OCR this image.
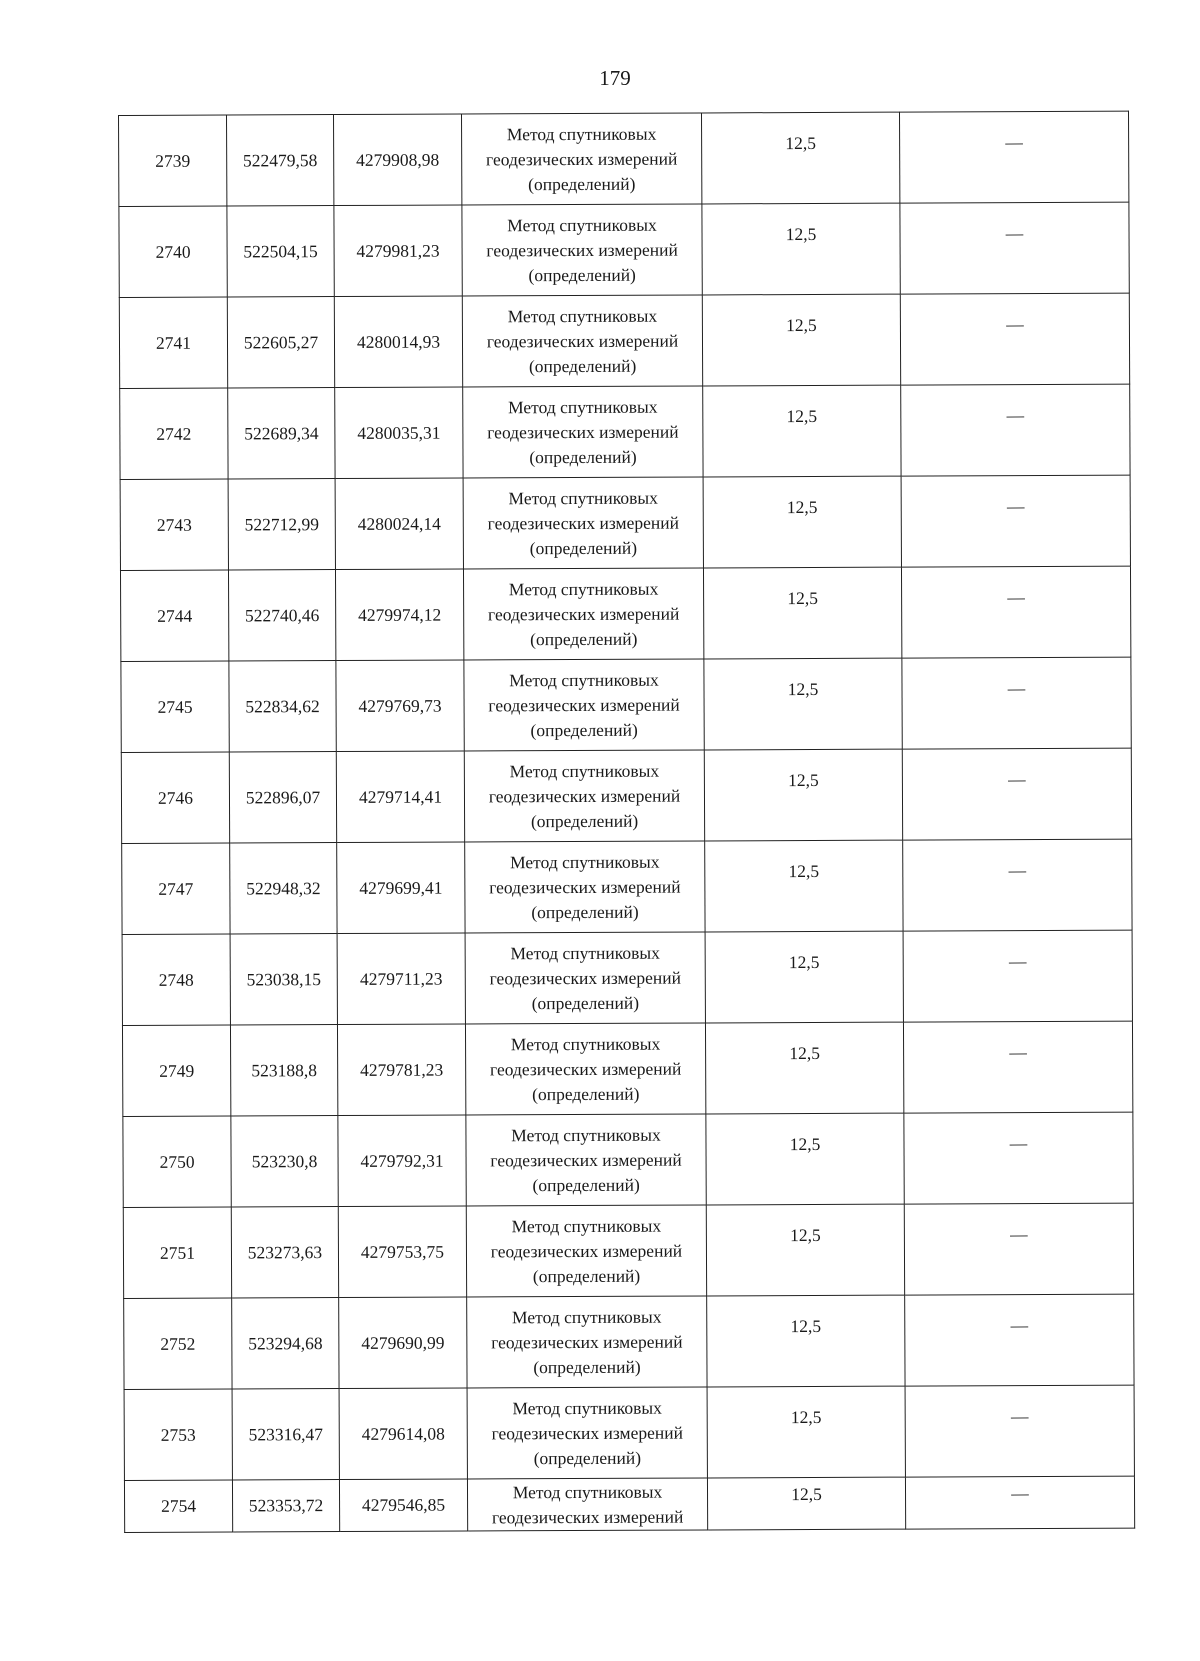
179
2739	522479,58	4279908,98	Метод спутниковых
геодезических измерений
(определений)	12,5	—
2740	522504,15	4279981,23	Метод спутниковых
геодезических измерений
(определений)	12,5	—
2741	522605,27	4280014,93	Метод спутниковых
геодезических измерений
(определений)	12,5	—
2742	522689,34	4280035,31	Метод спутниковых
геодезических измерений
(определений)	12,5	—
2743	522712,99	4280024,14	Метод спутниковых
геодезических измерений
(определений)	12,5	—
2744	522740,46	4279974,12	Метод спутниковых
геодезических измерений
(определений)	12,5	—
2745	522834,62	4279769,73	Метод спутниковых
геодезических измерений
(определений)	12,5	—
2746	522896,07	4279714,41	Метод спутниковых
геодезических измерений
(определений)	12,5	—
2747	522948,32	4279699,41	Метод спутниковых
геодезических измерений
(определений)	12,5	—
2748	523038,15	4279711,23	Метод спутниковых
геодезических измерений
(определений)	12,5	—
2749	523188,8	4279781,23	Метод спутниковых
геодезических измерений
(определений)	12,5	—
2750	523230,8	4279792,31	Метод спутниковых
геодезических измерений
(определений)	12,5	—
2751	523273,63	4279753,75	Метод спутниковых
геодезических измерений
(определений)	12,5	—
2752	523294,68	4279690,99	Метод спутниковых
геодезических измерений
(определений)	12,5	—
2753	523316,47	4279614,08	Метод спутниковых
геодезических измерений
(определений)	12,5	—
2754	523353,72	4279546,85	Метод спутниковых
геодезических измерений	12,5	—
